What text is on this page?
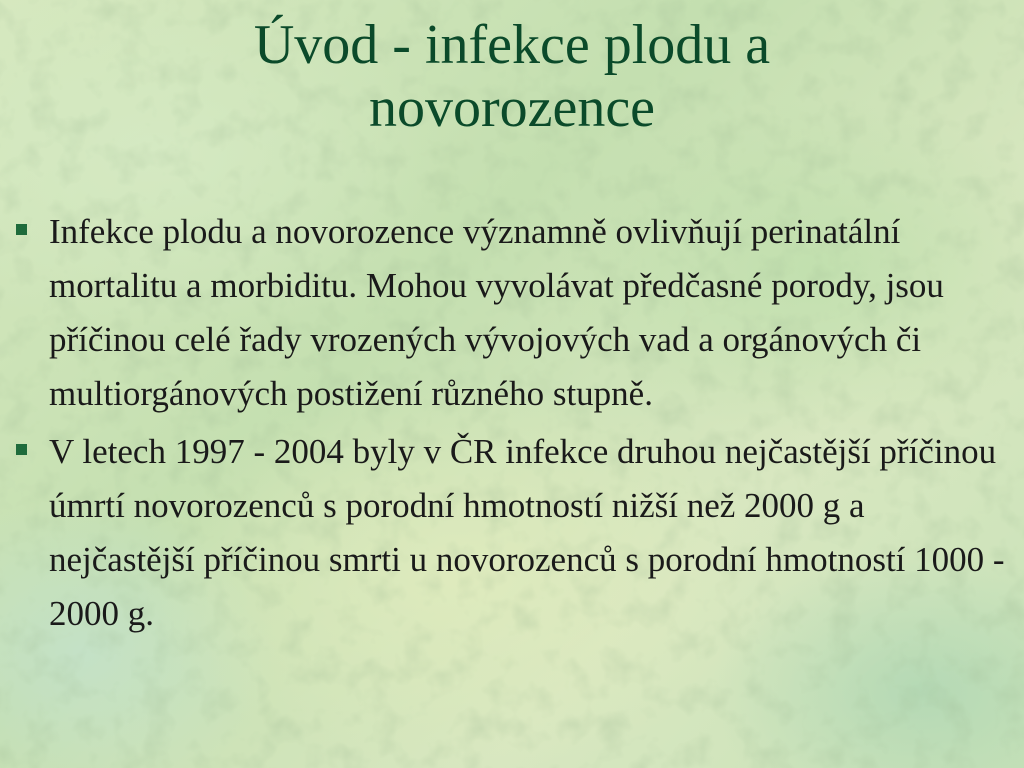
Úvod - infekce plodu a
novorozence
Infekce plodu a novorozence významně ovlivňují perinatální mortalitu a morbiditu. Mohou vyvolávat předčasné porody, jsou příčinou celé řady vrozených vývojových vad a orgánových či multiorgánových postižení různého stupně.
V letech 1997 - 2004 byly v ČR infekce druhou nejčastější příčinou úmrtí novorozenců s porodní hmotností nižší než 2000 g a nejčastější příčinou smrti u novorozenců s porodní hmotností 1000 - 2000 g.
